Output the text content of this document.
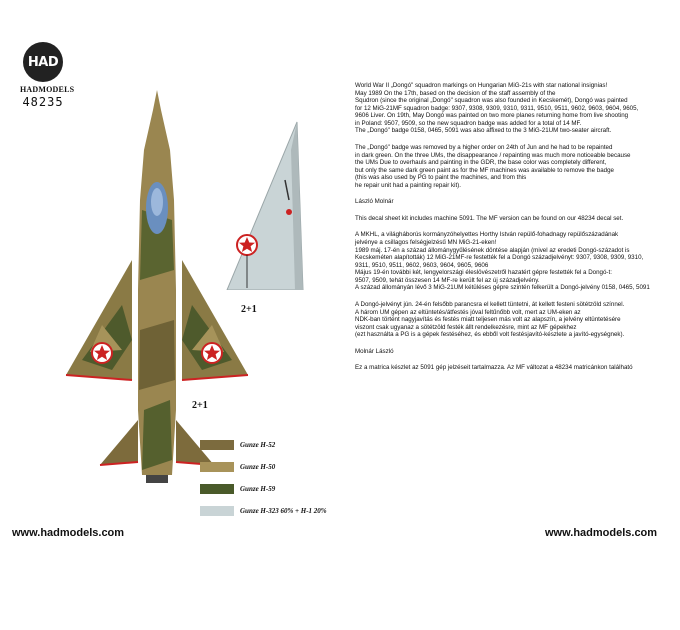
HAD
HADMODELS
48235
2+1
2+1
Gunze H-52
Gunze H-50
Gunze H-59
Gunze H-323 60% + H-1 20%
www.hadmodels.com	www.hadmodels.com

World War II „Dongó" squadron markings on Hungarian MiG-21s with star national insignias!
May 1989 On the 17th, based on the decision of the staff assembly of the
Squdron (since the original „Dongó" squadron was also founded in Kecskemét), Dongó was painted
for 12 MiG-21MF squadron badge: 9307, 9308, 9309, 9310, 9311, 9510, 9511, 9602, 9603, 9604, 9605,
9606 Liver. On 19th, May Dongó was painted on two more planes returning home from live shooting
in Poland: 9507, 9509, so the new squadron badge was added for a total of 14 MF.
The „Dongó" badge 0158, 0465, 5091 was also affixed to the 3 MiG-21UM two-seater aircraft.

The „Dongó" badge was removed by a higher order on 24th of Jun and he had to be repainted
in dark green. On the three UMs, the disappearance / repainting was much more noticeable because
the UMs Due to overhauls and painting in the GDR, the base color was completely different,
but only the same dark green paint as for the MF machines was available to remove the badge
(this was also used by PG to paint the machines, and from this
he repair unit had a painting repair kit).

László Molnár

This decal sheet kit includes machine 5091. The MF version can be found on our 48234 decal set.

A MKHL, a világháborús kormányzóhelyettes Horthy István repülő-fohadnagy repülőszázadának
jelvénye a csillagos felségjelzésű MN MiG-21-eken!
1989 máj. 17-én a század állománygyűlésének döntése alapján (mivel az eredeti Dongó-századot is
Kecskeméten alapították) 12 MiG-21MF-re festették fel a Dongó századjelvényt: 9307, 9308, 9309, 9310,
9311, 9510, 9511, 9602, 9603, 9604, 9605, 9606
Május 19-én további két, lengyelországi éleslövészetről hazatért gépre festették fel a Dongó-t:
9507, 9509, tehát összesen 14 MF-re került fel az új századjelvény.
A század állományán lévő 3 MiG-21UM kétüléses gépre szintén felkerült a Dongó-jelvény 0158, 0465, 5091

A Dongó-jelvényt jún. 24-én felsőbb parancsra el kellett tüntetni, át kellett festeni sötétzöld színnel.
A három UM gépen az eltüntetés/átfestés jóval feltűnőbb volt, mert az UM-eken az
NDK-ban történt nagyjavítás és festés miatt teljesen más volt az alapszín, a jelvény eltüntetésére
viszont csak ugyanaz a sötétzöld festék állt rendelkezésre, mint az MF gépekhez
(ezt használta a PG is a gépek festéséhez, és ebből volt festésjavító-készlete a javító-egységnek).

Molnár László

Ez a matrica készlet az 5091 gép jelzéseit tartalmazza. Az MF változat a 48234 matricánkon található
